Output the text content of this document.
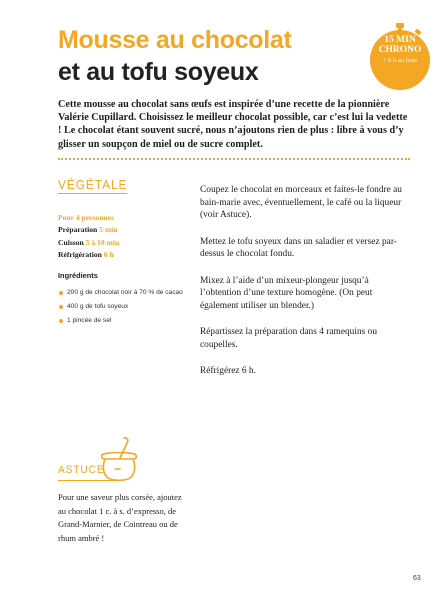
Mousse au chocolat
et au tofu soyeux
15 MIN
CHRONO
+ 6 h au frais
Cette mousse au chocolat sans œufs est inspirée d’une recette de la pionnière Valérie Cupillard. Choisissez le meilleur chocolat possible, car c’est lui la vedette ! Le chocolat étant souvent sucré, nous n’ajoutons rien de plus : libre à vous d’y glisser un soupçon de miel ou de sucre complet.
VÉGÉTALE
Pour 4 personnes
Préparation 5 min
Cuisson 5 à 10 min
Réfrigération 6 h
Ingrédients
200 g de chocolat noir à 70 % de cacao
400 g de tofu soyeux
1 pincée de sel

Coupez le chocolat en morceaux et faites-le fondre au bain-marie avec, éventuellement, le café ou la liqueur (voir Astuce).

Mettez le tofu soyeux dans un saladier et versez par-dessus le chocolat fondu.

Mixez à l’aide d’un mixeur-plongeur jusqu’à l’obtention d’une texture homogène. (On peut également utiliser un blender.)

Répartissez la préparation dans 4 ramequins ou coupelles.

Réfrigérez 6 h.

ASTUCE
Pour une saveur plus corsée, ajoutez au chocolat 1 c. à s. d’expresso, de Grand-Marnier, de Cointreau ou de rhum ambré !
63
